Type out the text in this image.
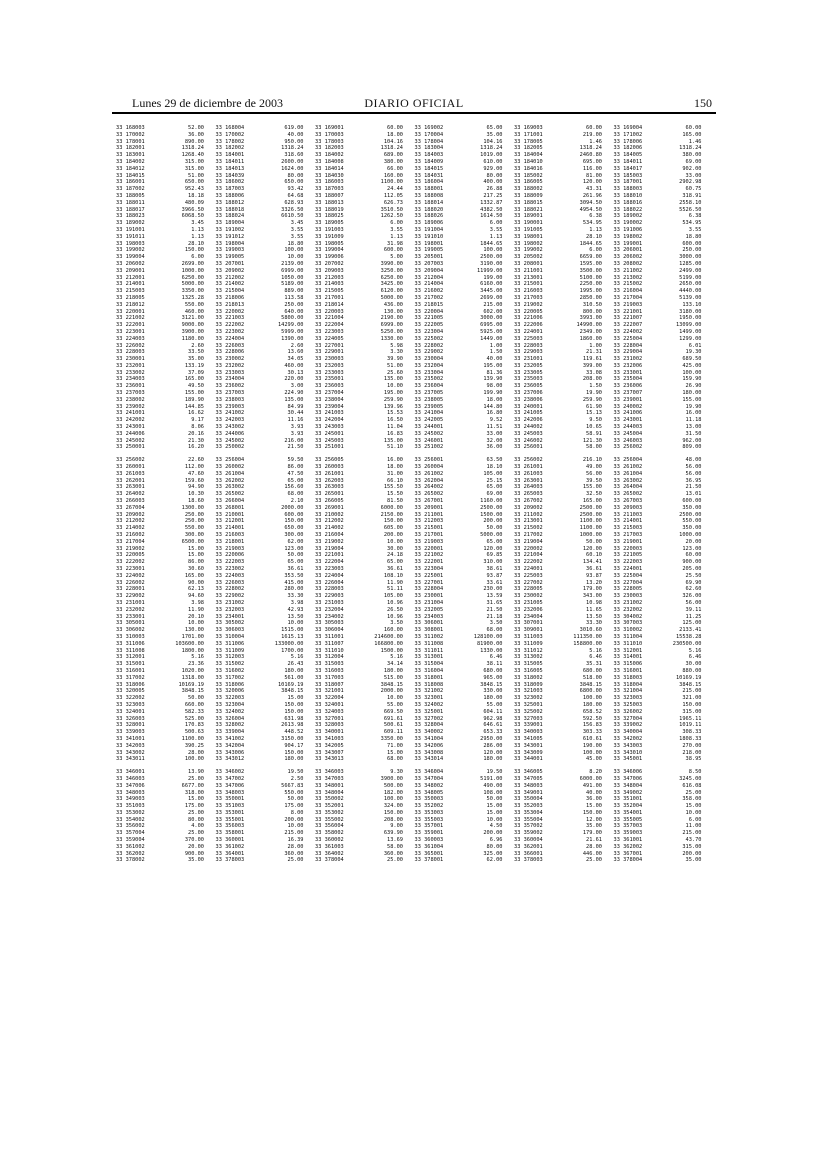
Lunes 29 de diciembre de 2003	DIARIO OFICIAL	150
33 168003	52.00
33 170002	36.00
33 178001	890.00
33 182001	1318.24
33 183001	1268.40
33 184002	315.00
33 184012	315.00
33 184015	51.00
33 186001	650.00
33 187002	952.43
33 188005	18.18
33 188011	480.09
33 188017	3966.50
33 188023	6068.50
33 189002	3.45
33 191001	1.13
33 191011	1.13
33 198003	28.10
33 199002	150.00
33 199004	6.00
33 206002	2699.00
33 209001	1000.00
33 212001	6250.00
33 214001	5000.00
33 215003	3350.00
33 218005	1325.28
33 218012	550.00
33 220001	460.00
33 221002	3121.00
33 222001	9000.00
33 223001	3900.00
33 224003	1180.00
33 226002	2.60
33 228003	33.50
33 230001	35.00
33 232001	133.19
33 233002	37.09
33 234003	165.00
33 236001	49.50
33 237003	155.00
33 238002	189.90
33 239002	144.85
33 241001	16.62
33 242002	9.17
33 243001	8.06
33 244006	20.16
33 245002	21.30
33 250001	16.20
33 256002	22.60
33 260001	112.00
33 261003	47.60
33 262001	159.60
33 263001	94.90
33 264002	10.30
33 266003	18.60
33 267004	1300.00
33 209002	250.00
33 212002	250.00
33 214002	550.00
33 216002	300.00
33 217004	6500.00
33 219002	15.00
33 220005	15.00
33 222002	86.00
33 223001	30.60
33 224002	165.00
33 226002	90.00
33 228001	62.13
33 229002	94.60
33 231001	3.98
33 232002	11.90
33 233001	20.10
33 305001	10.00
33 306002	130.00
33 310003	1701.00
33 311006	103600.00
33 311008	1800.00
33 312001	5.16
33 315001	23.36
33 316001	1020.00
33 317002	1318.00
33 318006	10169.19
33 320005	3848.15
33 322002	50.00
33 323003	660.00
33 324001	582.33
33 326003	525.00
33 328001	170.83
33 339003	500.63
33 341001	1100.00
33 342003	390.25
33 343002	28.00
33 343011	100.00
33 346001	13.90
33 346003	25.00
33 347006	6677.00
33 348003	318.00
33 349003	15.00
33 351003	175.00
33 353002	25.00
33 354002	80.00
33 356002	4.00
33 357004	25.00
33 359004	370.00
33 361002	20.00
33 362002	900.00
33 378002	35.00
33 168004	619.00
33 170002	40.00
33 178002	950.00
33 182002	1318.24
33 184001	318.60
33 184011	2600.00
33 184013	1624.00
33 184039	80.00
33 186002	650.00
33 187003	93.42
33 188006	64.68
33 188012	628.93
33 188018	3326.50
33 188024	6610.50
33 189004	3.45
33 191002	3.55
33 191012	3.55
33 198004	18.80
33 199003	100.00
33 199005	10.00
33 207001	2139.00
33 209002	6999.00
33 212002	1050.00
33 214002	5189.00
33 215004	889.00
33 218006	113.58
33 218013	250.00
33 220002	640.00
33 221003	5800.00
33 222002	14299.00
33 223002	5999.00
33 224004	1390.00
33 226003	2.60
33 228006	13.60
33 230002	34.05
33 232002	460.00
33 233003	30.13
33 234004	220.00
33 236002	3.00
33 237003	224.90
33 238003	135.00
33 239003	84.99
33 241002	30.44
33 242003	11.16
33 243002	3.93
33 244006	3.93
33 245002	216.00
33 250002	21.50
33 256004	59.50
33 260002	86.00
33 261004	47.50
33 262002	65.00
33 263002	156.60
33 265002	68.00
33 266004	2.10
33 268001	2000.00
33 210001	600.00
33 212001	150.00
33 214001	650.00
33 216003	300.00
33 218001	62.00
33 219003	123.00
33 220006	50.00
33 222003	65.00
33 223002	36.61
33 224003	353.50
33 226003	415.00
33 228002	280.00
33 229002	33.30
33 231002	3.98
33 232003	42.93
33 234001	13.50
33 305002	10.00
33 306003	1515.00
33 310004	1615.13
33 311006	133000.00
33 311009	1700.00
33 312003	5.16
33 315002	26.43
33 316002	180.00
33 317002	561.00
33 318006	10169.19
33 320006	3848.15
33 322003	15.00
33 323004	150.00
33 324002	150.00
33 326004	631.98
33 328002	2613.98
33 339004	448.52
33 341002	3150.00
33 342004	904.17
33 343006	150.00
33 343012	180.00
33 346002	19.50
33 347002	2.50
33 347006	5667.83
33 348003	550.00
33 350001	50.00
33 351003	175.00
33 353001	8.00
33 355001	200.00
33 356003	10.00
33 358001	215.00
33 360001	16.39
33 361002	28.00
33 364001	360.00
33 378003	25.00
33 169001	60.00
33 170003	18.00
33 178003	104.16
33 182003	1318.24
33 184002	689.00
33 184008	380.00
33 184014	66.00
33 184030	160.00
33 186003	1100.00
33 187003	24.44
33 188007	112.05
33 188013	626.73
33 188019	3510.50
33 188025	1262.50
33 189005	6.00
33 191003	3.55
33 191009	1.13
33 198005	31.98
33 199004	600.00
33 199006	5.00
33 207002	3990.00
33 209003	3250.00
33 212003	6250.00
33 214003	3425.00
33 215005	6120.00
33 217001	5000.00
33 218014	436.00
33 220003	130.00
33 221004	2190.00
33 222004	6999.00
33 223003	5250.00
33 224005	1330.00
33 227001	5.98
33 229001	3.30
33 230003	39.90
33 232003	51.00
33 233003	25.60
33 235001	135.00
33 236003	10.00
33 237004	195.00
33 238004	259.90
33 239004	139.96
33 241003	15.53
33 242004	16.50
33 243003	11.04
33 245001	16.83
33 245003	135.00
33 251001	51.10
33 256005	16.00
33 260003	18.00
33 261001	31.00
33 262003	66.10
33 263003	155.50
33 265001	15.50
33 266005	81.50
33 269001	6000.00
33 210002	2150.00
33 212002	150.00
33 214002	605.00
33 216004	200.00
33 219002	10.00
33 219004	30.00
33 221001	24.18
33 222004	65.00
33 223003	36.61
33 224004	108.10
33 226004	11.90
33 228003	51.11
33 229003	105.00
33 231003	10.96
33 232004	26.50
33 234002	10.96
33 305003	3.50
33 306004	160.00
33 311001	214600.00
33 311007	166800.00
33 311010	1500.00
33 312004	5.16
33 315003	34.14
33 316003	180.00
33 317003	515.00
33 318007	3848.15
33 321001	2000.00
33 322004	10.00
33 324001	55.00
33 324003	669.50
33 327001	691.61
33 328003	500.61
33 340001	609.11
33 341003	3350.00
33 342005	71.00
33 343007	15.00
33 343013	68.00
33 346003	9.30
33 347003	3900.00
33 348001	500.00
33 348004	182.00
33 350002	100.00
33 352001	324.00
33 353002	150.00
33 355002	208.00
33 356004	9.00
33 358002	639.90
33 360002	13.69
33 361003	58.00
33 364002	360.00
33 378004	25.00
33 169002	65.00
33 170004	35.00
33 178004	104.16
33 183004	1318.24
33 184003	1019.00
33 184009	610.00
33 184015	929.00
33 184031	80.00
33 186004	400.00
33 188001	26.88
33 188008	217.25
33 188014	1332.87
33 188020	4382.50
33 188026	1614.50
33 189006	6.00
33 191004	3.55
33 191010	1.13
33 198001	1844.65
33 199005	100.00
33 205001	2500.00
33 207003	3190.00
33 209004	11999.00
33 212004	199.00
33 214004	6160.00
33 216002	3445.00
33 217002	2699.00
33 218015	215.00
33 220004	602.00
33 221005	3000.00
33 222005	6995.00
33 223004	5925.00
33 225002	1449.00
33 228002	1.00
33 229002	1.50
33 230004	40.00
33 232004	195.00
33 233004	81.36
33 235002	139.90
33 236004	98.00
33 237005	199.90
33 238005	18.00
33 239005	144.80
33 241004	16.80
33 242005	9.52
33 244001	11.51
33 245002	33.00
33 246001	32.00
33 251002	36.00
33 256001	63.50
33 260004	18.10
33 261002	105.00
33 262004	25.15
33 264002	65.00
33 265002	69.00
33 267001	1160.00
33 209001	2500.00
33 211001	1500.00
33 212003	200.00
33 215001	50.00
33 217001	5000.00
33 219003	65.00
33 220001	120.00
33 221002	69.85
33 222001	310.00
33 223004	38.61
33 225001	93.87
33 227001	33.61
33 228004	230.00
33 230001	13.59
33 231004	31.65
33 232005	21.50
33 234003	21.18
33 306001	3.50
33 308001	68.00
33 311002	128100.00
33 311008	81900.00
33 311011	1330.00
33 313001	6.46
33 315004	38.11
33 316004	680.00
33 318001	965.00
33 318008	3848.15
33 321002	330.00
33 323001	180.00
33 324002	55.00
33 325001	604.11
33 327002	962.98
33 328004	646.61
33 340002	653.33
33 341004	2950.00
33 342006	286.00
33 343008	120.00
33 343014	180.00
33 346004	19.50
33 347004	5191.00
33 348002	490.00
33 348005	108.00
33 350003	50.00
33 352002	15.00
33 353003	15.00
33 355003	10.00
33 357001	4.50
33 359001	200.00
33 360003	6.96
33 361004	80.00
33 365001	325.00
33 378001	62.00
33 169003	60.00
33 171001	219.00
33 178005	1.46
33 182005	1318.24
33 184004	2460.80
33 184010	695.00
33 184016	116.00
33 185002	81.00
33 186005	120.00
33 188002	43.31
33 188009	261.96
33 188015	3094.50
33 188021	4954.50
33 189001	6.38
33 190001	534.95
33 191005	1.13
33 198001	28.10
33 198002	1844.65
33 199002	6.00
33 205002	6659.00
33 208001	1595.00
33 211001	3500.00
33 213001	5100.00
33 215001	2250.00
33 216003	1995.00
33 217003	2850.00
33 219002	310.50
33 220005	800.00
33 221006	3993.00
33 222006	14990.00
33 224001	2349.00
33 225003	1860.00
33 228003	1.00
33 229003	21.31
33 231001	119.61
33 232005	399.00
33 233005	33.08
33 235003	208.00
33 236005	1.50
33 237006	19.90
33 238006	259.90
33 240001	61.90
33 241005	15.13
33 242006	9.50
33 244002	10.65
33 245003	58.91
33 246002	121.30
33 256001	58.00
33 256002	216.10
33 261001	49.00
33 261003	56.00
33 263001	39.50
33 264003	155.00
33 265003	32.50
33 267002	165.00
33 209002	2500.00
33 211002	2500.00
33 213001	1100.00
33 215002	1100.00
33 217002	1000.00
33 219004	50.00
33 220002	120.00
33 221004	60.10
33 222002	134.41
33 224001	36.61
33 225003	93.87
33 227002	13.20
33 228005	179.00
33 230002	343.00
33 231005	10.98
33 232006	11.65
33 234004	13.50
33 307001	33.30
33 309001	3010.60
33 311003	111350.00
33 311009	158800.00
33 311012	5.16
33 313002	6.46
33 315005	35.31
33 316005	680.00
33 318002	518.00
33 318009	3848.15
33 321003	6800.00
33 323002	100.00
33 325001	180.00
33 325002	658.52
33 327003	592.50
33 339001	156.83
33 340003	303.33
33 341005	610.61
33 343001	190.00
33 343009	100.00
33 344001	45.00
33 346005	8.20
33 347005	6000.00
33 348003	491.00
33 349001	40.00
33 350004	36.00
33 352003	15.00
33 353004	150.00
33 355004	12.00
33 357002	35.00
33 359002	179.00
33 360004	21.61
33 362001	28.00
33 366001	446.00
33 378003	25.00
33 169004	60.00
33 171002	165.00
33 178006	1.46
33 182006	1318.24
33 184005	380.00
33 184011	69.00
33 184017	902.00
33 185003	33.00
33 187001	2902.98
33 188003	60.75
33 188010	318.91
33 188016	2558.10
33 188022	5526.50
33 189002	6.38
33 190002	534.95
33 191006	3.55
33 198002	18.80
33 199001	600.00
33 206001	250.00
33 206002	3000.00
33 208002	1285.00
33 211002	2499.00
33 213002	5199.00
33 215002	2650.00
33 216004	4440.00
33 217004	5139.00
33 219003	133.10
33 221001	3180.00
33 221007	1950.00
33 222007	13099.00
33 224002	1499.00
33 225004	1299.00
33 228004	6.01
33 229004	19.30
33 231002	689.50
33 232006	425.00
33 233001	100.00
33 235004	159.90
33 236006	26.90
33 237007	180.00
33 239001	155.00
33 240002	19.90
33 241006	16.00
33 243001	11.18
33 244003	13.00
33 245004	31.50
33 246003	962.00
33 256002	809.00
33 256004	48.00
33 261002	56.00
33 261004	56.00
33 263002	36.95
33 264004	21.50
33 265002	13.01
33 267003	600.00
33 209003	350.00
33 211003	2500.00
33 214001	550.00
33 215003	350.00
33 217003	1000.00
33 219001	20.00
33 220003	123.00
33 221005	60.00
33 222003	900.00
33 224001	205.00
33 225004	25.50
33 227004	69.90
33 228005	62.60
33 230003	326.00
33 231002	56.00
33 232002	39.11
33 304002	11.25
33 307003	125.00
33 310002	2133.41
33 311004	15538.28
33 311010	230500.00
33 312001	5.16
33 314001	6.46
33 315006	30.00
33 316001	880.00
33 318003	10169.19
33 318004	3848.15
33 321004	215.00
33 323003	321.00
33 325003	150.00
33 326002	315.00
33 327004	1965.11
33 339002	1019.11
33 340004	308.33
33 342002	1808.33
33 343003	270.00
33 343010	218.00
33 345001	38.95
33 346006	8.50
33 347006	3245.00
33 348004	616.08
33 349002	25.00
33 351001	358.00
33 352004	15.00
33 354001	10.00
33 355005	6.00
33 357003	11.00
33 359003	215.00
33 361001	43.70
33 362002	315.00
33 367001	200.00
33 378004	35.00
